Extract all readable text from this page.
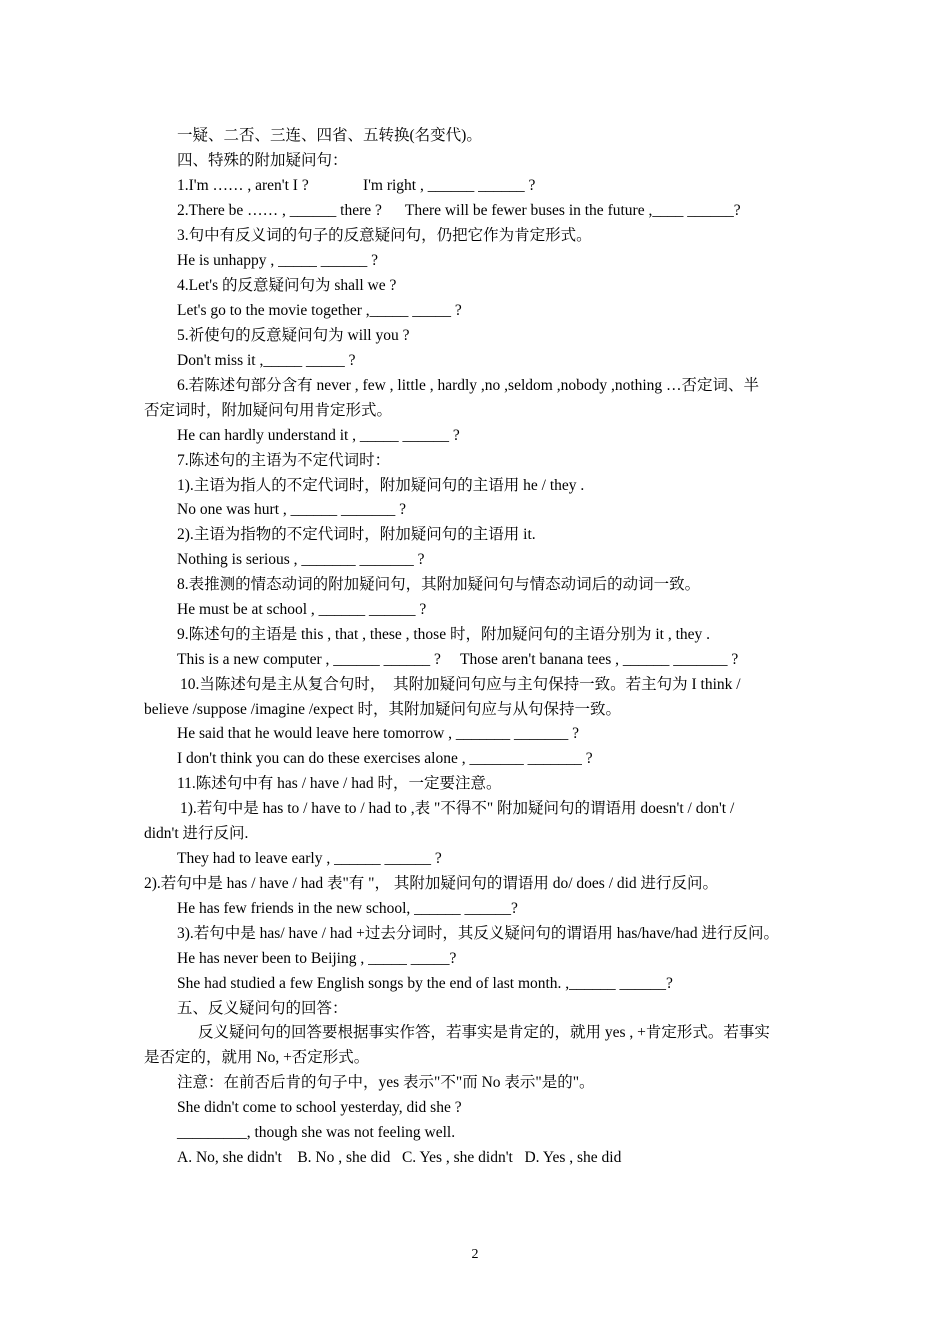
一疑、二否、三连、四省、五转换(名变代)。
四、特殊的附加疑问句：
1.I'm …… , aren't I ?              I'm right , ______ ______ ?
2.There be …… , ______ there ?      There will be fewer buses in the future ,____ ______?
3.句中有反义词的句子的反意疑问句，仍把它作为肯定形式。
He is unhappy , _____ ______ ?
4.Let's 的反意疑问句为 shall we ?
Let's go to the movie together ,_____ _____ ?
5.祈使句的反意疑问句为 will you ?
Don't miss it ,_____ _____ ?
6.若陈述句部分含有 never , few , little , hardly ,no ,seldom ,nobody ,nothing …否定词、半
否定词时，附加疑问句用肯定形式。
He can hardly understand it , _____ ______ ?
7.陈述句的主语为不定代词时：
1).主语为指人的不定代词时，附加疑问句的主语用 he / they .
No one was hurt , ______ _______ ?
2).主语为指物的不定代词时，附加疑问句的主语用 it.
Nothing is serious , _______ _______ ?
8.表推测的情态动词的附加疑问句，其附加疑问句与情态动词后的动词一致。
He must be at school , ______ ______ ?
9.陈述句的主语是 this , that , these , those 时，附加疑问句的主语分别为 it , they .
This is a new computer , ______ ______ ?     Those aren't banana tees , ______ _______ ?
10.当陈述句是主从复合句时，  其附加疑问句应与主句保持一致。若主句为 I think /
believe /suppose /imagine /expect 时，其附加疑问句应与从句保持一致。
He said that he would leave here tomorrow , _______ _______ ?
I don't think you can do these exercises alone , _______ _______ ?
11.陈述句中有 has / have / had 时，一定要注意。
1).若句中是 has to / have to / had to ,表 "不得不" 附加疑问句的谓语用 doesn't / don't /
didn't 进行反问.
They had to leave early , ______ ______ ?
2).若句中是 has / have / had 表"有 "， 其附加疑问句的谓语用 do/ does / did 进行反问。
He has few friends in the new school, ______ ______?
3).若句中是 has/ have / had +过去分词时，其反义疑问句的谓语用 has/have/had 进行反问。
He has never been to Beijing , _____ _____?
She had studied a few English songs by the end of last month. ,______ ______?
五、反义疑问句的回答：
反义疑问句的回答要根据事实作答，若事实是肯定的，就用 yes , +肯定形式。若事实
是否定的，就用 No, +否定形式。
注意：在前否后肯的句子中，yes 表示"不"而 No 表示"是的"。
She didn't come to school yesterday, did she ?
_________, though she was not feeling well.
A. No, she didn't    B. No , she did   C. Yes , she didn't   D. Yes , she did
2
